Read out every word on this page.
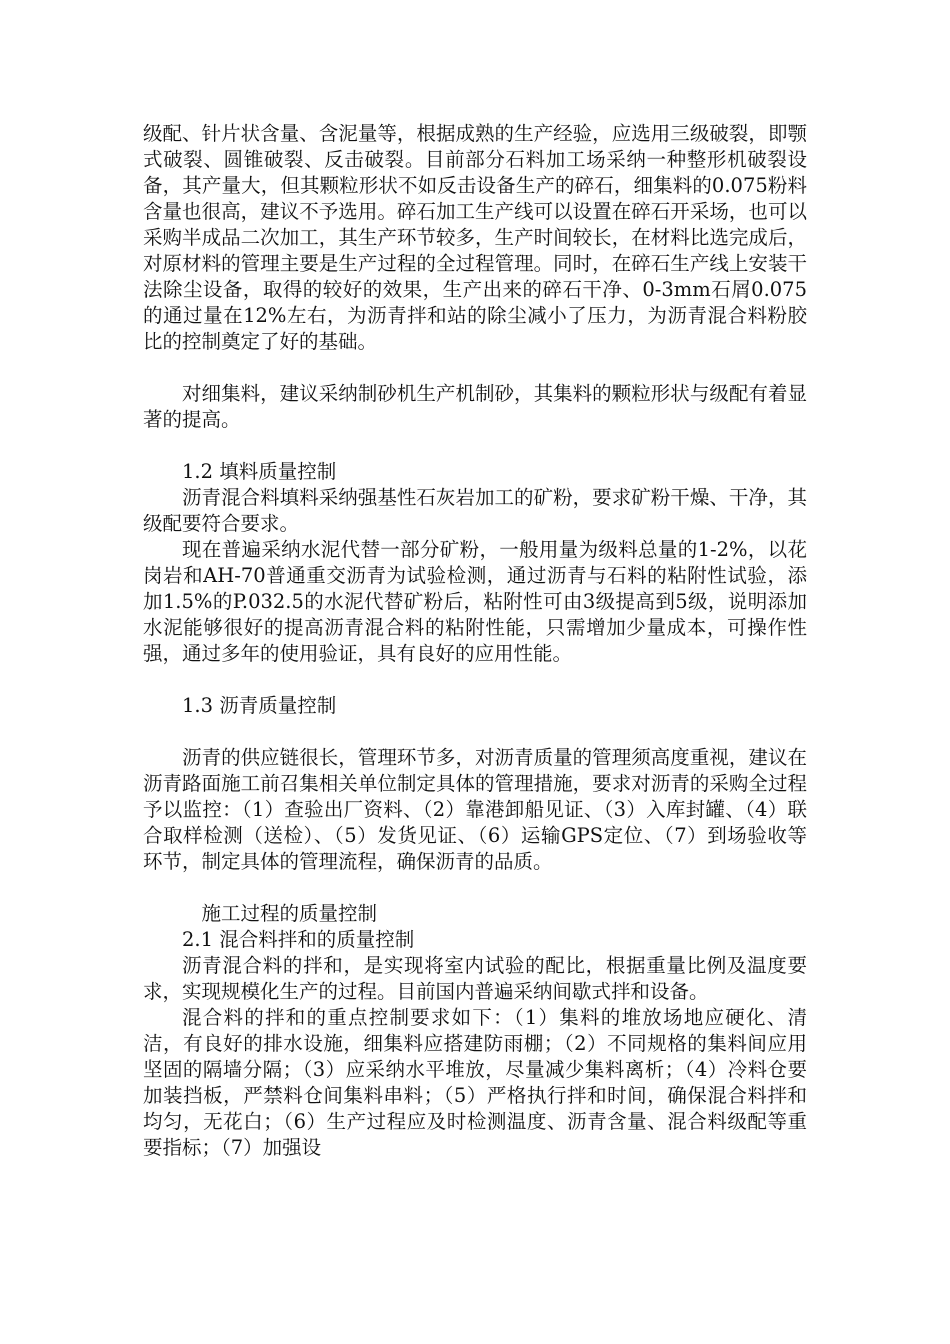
级配、针片状含量、含泥量等，根据成熟的生产经验，应选用三级破裂，即颚式破裂、圆锥破裂、反击破裂。目前部分石料加工场采纳一种整形机破裂设备，其产量大，但其颗粒形状不如反击设备生产的碎石，细集料的0.075粉料含量也很高，建议不予选用。碎石加工生产线可以设置在碎石开采场，也可以采购半成品二次加工，其生产环节较多，生产时间较长，在材料比选完成后，对原材料的管理主要是生产过程的全过程管理。同时，在碎石生产线上安装干法除尘设备，取得的较好的效果，生产出来的碎石干净、0-3mm石屑0.075的通过量在12%左右，为沥青拌和站的除尘减小了压力，为沥青混合料粉胶比的控制奠定了好的基础。

对细集料，建议采纳制砂机生产机制砂，其集料的颗粒形状与级配有着显著的提高。

1.2 填料质量控制

沥青混合料填料采纳强基性石灰岩加工的矿粉，要求矿粉干燥、干净，其级配要符合要求。

现在普遍采纳水泥代替一部分矿粉，一般用量为级料总量的1-2%，以花岗岩和AH-70普通重交沥青为试验检测，通过沥青与石料的粘附性试验，添加1.5%的P.032.5的水泥代替矿粉后，粘附性可由3级提高到5级，说明添加水泥能够很好的提高沥青混合料的粘附性能，只需增加少量成本，可操作性强，通过多年的使用验证，具有良好的应用性能。

1.3 沥青质量控制

沥青的供应链很长，管理环节多，对沥青质量的管理须高度重视，建议在沥青路面施工前召集相关单位制定具体的管理措施，要求对沥青的采购全过程予以监控：（1）查验出厂资料、（2）靠港卸船见证、（3）入库封罐、（4）联合取样检测（送检）、（5）发货见证、（6）运输GPS定位、（7）到场验收等环节，制定具体的管理流程，确保沥青的品质。

施工过程的质量控制

2.1 混合料拌和的质量控制

沥青混合料的拌和，是实现将室内试验的配比，根据重量比例及温度要求，实现规模化生产的过程。目前国内普遍采纳间歇式拌和设备。

混合料的拌和的重点控制要求如下：（1）集料的堆放场地应硬化、清洁，有良好的排水设施，细集料应搭建防雨棚；（2）不同规格的集料间应用坚固的隔墙分隔；（3）应采纳水平堆放，尽量减少集料离析；（4）冷料仓要加装挡板，严禁料仓间集料串料；（5）严格执行拌和时间，确保混合料拌和均匀，无花白；（6）生产过程应及时检测温度、沥青含量、混合料级配等重要指标；（7）加强设
